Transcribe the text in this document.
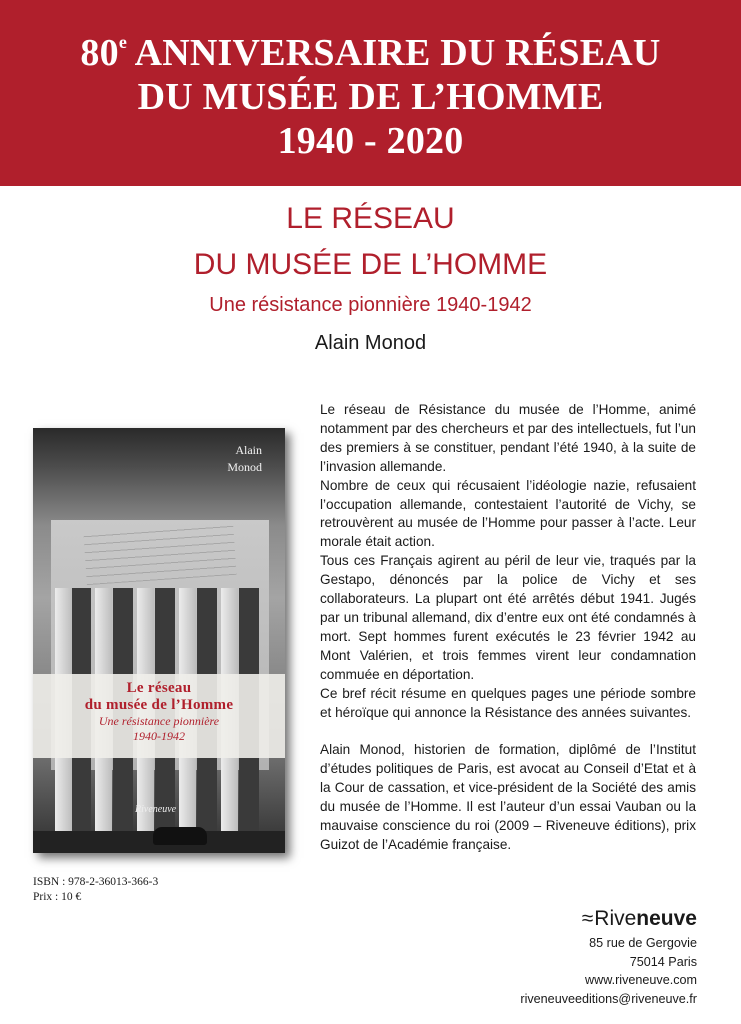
80e ANNIVERSAIRE DU RÉSEAU
DU MUSÉE DE L’HOMME
1940 - 2020
LE RÉSEAU
DU MUSÉE DE L’HOMME
Une résistance pionnière 1940-1942
Alain Monod
Alain
Monod
Le réseau
du musée de l’Homme
Une résistance pionnière
1940-1942
Riveneuve
ISBN : 978-2-36013-366-3
Prix : 10 €

Le réseau de Résistance du musée de l’Homme, animé notamment par des chercheurs et par des intellectuels, fut l’un des premiers à se constituer, pendant l’été 1940, à la suite de l’invasion allemande.

Nombre de ceux qui récusaient l’idéologie nazie, refusaient l’occupation allemande, contestaient l’autorité de Vichy, se retrouvèrent au musée de l’Homme pour passer à l’acte. Leur morale était action.

Tous ces Français agirent au péril de leur vie, traqués par la Gestapo, dénoncés par la police de Vichy et ses collaborateurs. La plupart ont été arrêtés début 1941. Jugés par un tribunal allemand, dix d’entre eux ont été condamnés à mort. Sept hommes furent exécutés le 23 février 1942 au Mont Valérien, et trois femmes virent leur condamnation commuée en déportation.

Ce bref récit résume en quelques pages une période sombre et héroïque qui annonce la Résistance des années suivantes.

Alain Monod, historien de formation, diplômé de l’Institut d’études politiques de Paris, est avocat au Conseil d’Etat et à la Cour de cassation, et vice-président de la Société des amis du musée de l’Homme. Il est l’auteur d’un essai Vauban ou la mauvaise conscience du roi (2009 – Riveneuve éditions), prix Guizot de l’Académie française.

≈Riveneuve
85 rue de Gergovie
75014 Paris
www.riveneuve.com
riveneuveeditions@riveneuve.fr
